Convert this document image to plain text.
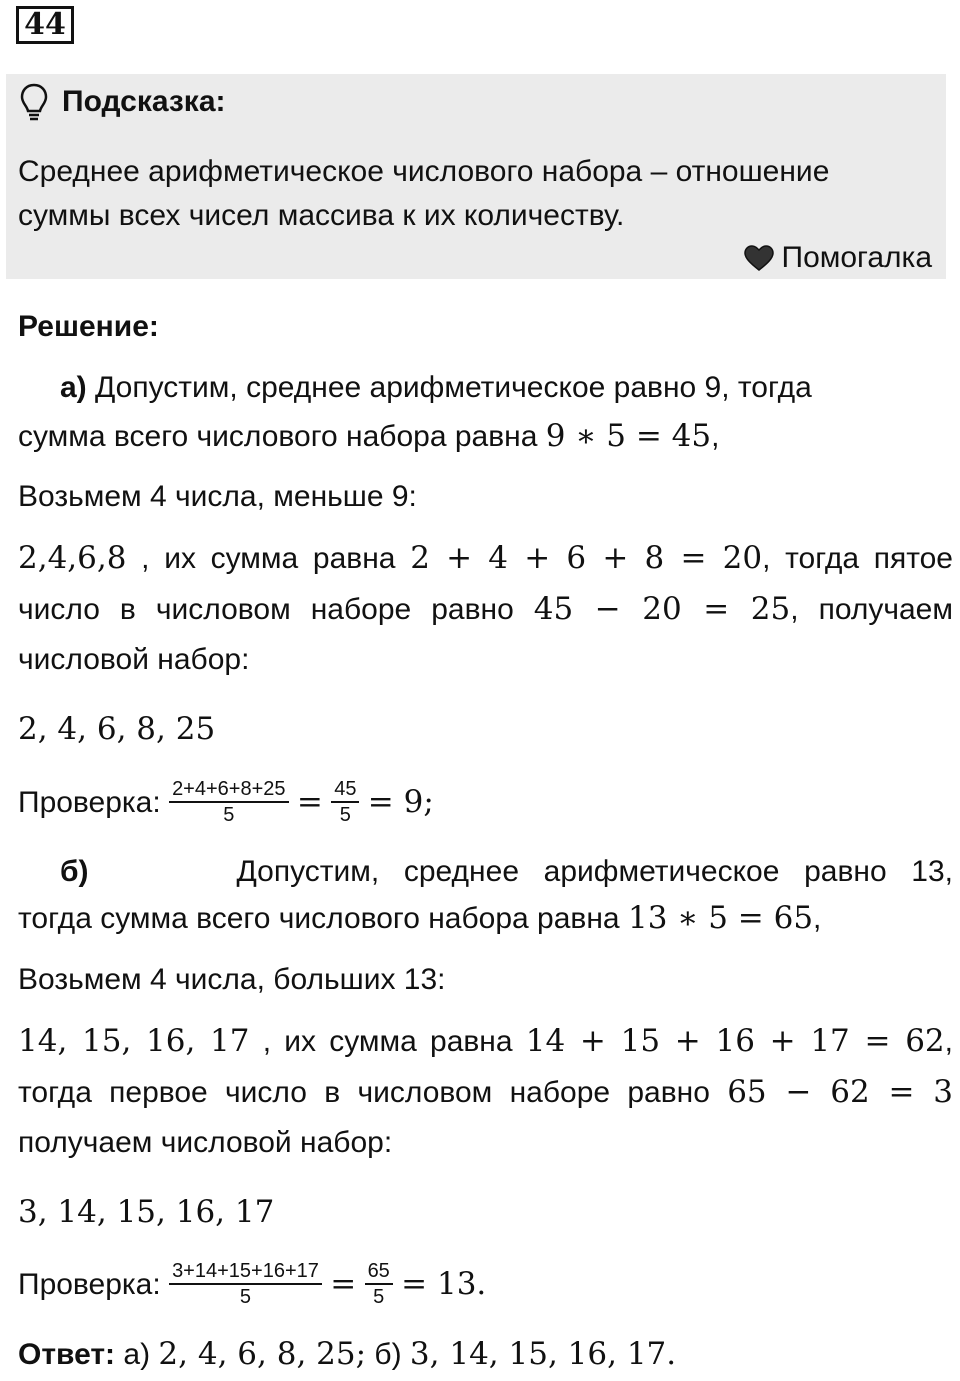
44
Подсказка:
Среднее арифметическое числового набора – отношение
суммы всех чисел массива к их количеству.
Помогалка
Решение:
а) Допустим, среднее арифметическое равно 9, тогда
сумма всего числового набора равна 9 ∗ 5 = 45,
Возьмем 4 числа, меньше 9:
2,4,6,8 , их сумма равна 2 + 4 + 6 + 8 = 20, тогда пятое
число в числовом наборе равно 45 − 20 = 25, получаем
числовой набор:
2, 4, 6, 8, 25
Проверка: $\frac{2+4+6+8+25}{5} = \frac{45}{5} = 9$;
б)	Допустим, среднее арифметическое равно 13,
тогда сумма всего числового набора равна 13 ∗ 5 = 65,
Возьмем 4 числа, больших 13:
14, 15, 16, 17 , их сумма равна 14 + 15 + 16 + 17 = 62,
тогда первое число в числовом наборе равно 65 − 62 = 3
получаем числовой набор:
3, 14, 15, 16, 17
Проверка: $\frac{3+14+15+16+17}{5} = \frac{65}{5} = 13$.
Ответ: а) 2, 4, 6, 8, 25; б) 3, 14, 15, 16, 17.
